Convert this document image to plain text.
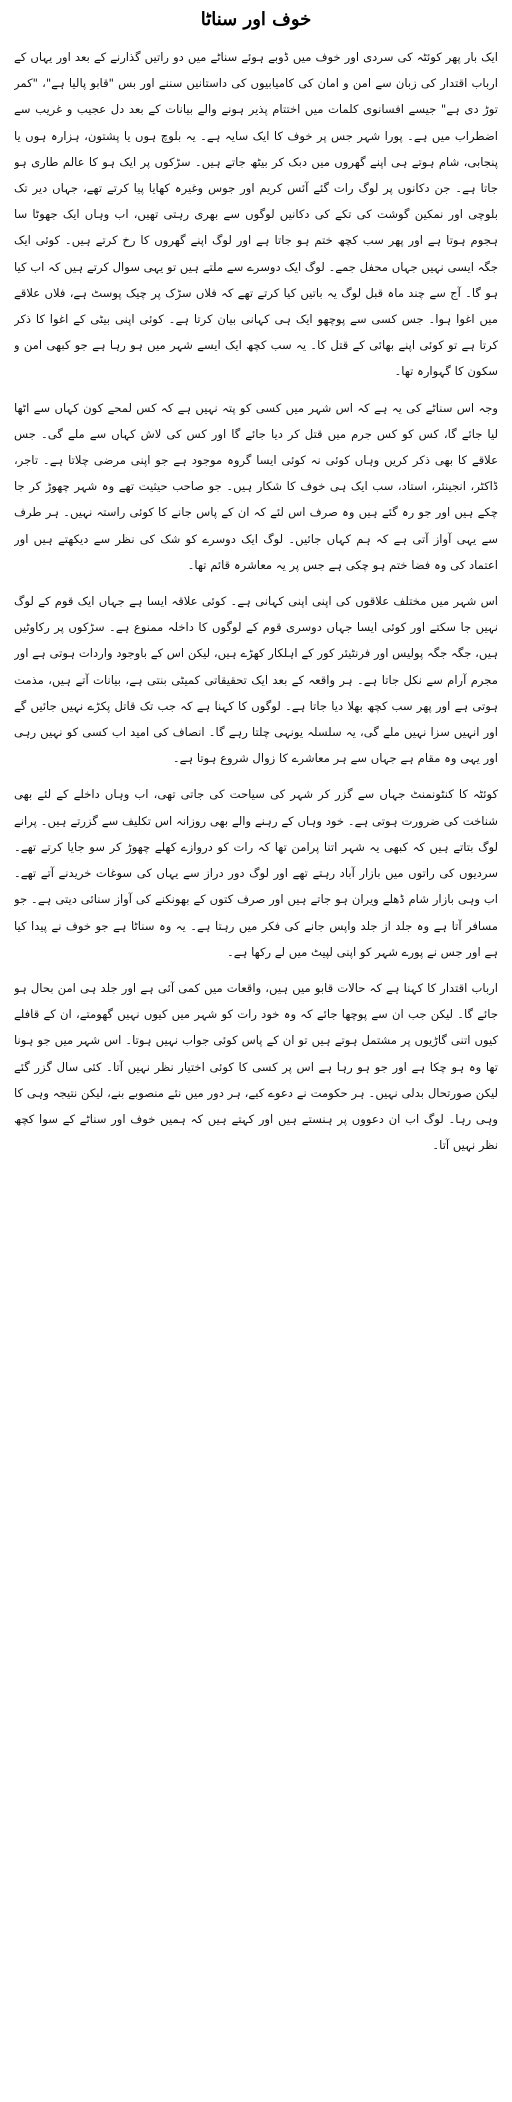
خوف اور سناٹا

ایک بار پھر کوئٹہ کی سردی اور خوف میں ڈوبے ہوئے سناٹے میں دو راتیں گذارنے کے بعد اور یہاں کے ارباب اقتدار کی زبان سے امن و امان کی کامیابیوں کی داستانیں سننے اور بس "قابو پالیا ہے"، "کمر توڑ دی ہے" جیسے افسانوی کلمات میں اختتام پذیر ہونے والے بیانات کے بعد دل عجیب و غریب سے اضطراب میں ہے۔ پورا شہر جس پر خوف کا ایک سایہ ہے۔ یہ بلوچ ہوں یا پشتون، ہزارہ ہوں یا پنجابی، شام ہوتے ہی اپنے گھروں میں دبک کر بیٹھ جاتے ہیں۔ سڑکوں پر ایک ہو کا عالم طاری ہو جاتا ہے۔ جن دکانوں پر لوگ رات گئے آئس کریم اور جوس وغیرہ کھایا پیا کرتے تھے، جہاں دیر تک بلوچی اور نمکین گوشت کی تکے کی دکانیں لوگوں سے بھری رہتی تھیں، اب وہاں ایک جھوٹا سا ہجوم ہوتا ہے اور پھر سب کچھ ختم ہو جاتا ہے اور لوگ اپنے گھروں کا رخ کرتے ہیں۔ کوئی ایک جگہ ایسی نہیں جہاں محفل جمے۔ لوگ ایک دوسرے سے ملتے ہیں تو یہی سوال کرتے ہیں کہ اب کیا ہو گا۔ آج سے چند ماہ قبل لوگ یہ باتیں کیا کرتے تھے کہ فلاں سڑک پر چیک پوسٹ ہے، فلاں علاقے میں اغوا ہوا۔ جس کسی سے پوچھو ایک ہی کہانی بیان کرتا ہے۔ کوئی اپنی بیٹی کے اغوا کا ذکر کرتا ہے تو کوئی اپنے بھائی کے قتل کا۔ یہ سب کچھ ایک ایسے شہر میں ہو رہا ہے جو کبھی امن و سکون کا گہوارہ تھا۔

وجہ اس سناٹے کی یہ ہے کہ اس شہر میں کسی کو پتہ نہیں ہے کہ کس لمحے کون کہاں سے اٹھا لیا جائے گا، کس کو کس جرم میں قتل کر دیا جائے گا اور کس کی لاش کہاں سے ملے گی۔ جس علاقے کا بھی ذکر کریں وہاں کوئی نہ کوئی ایسا گروہ موجود ہے جو اپنی مرضی چلاتا ہے۔ تاجر، ڈاکٹر، انجینئر، استاد، سب ایک ہی خوف کا شکار ہیں۔ جو صاحب حیثیت تھے وہ شہر چھوڑ کر جا چکے ہیں اور جو رہ گئے ہیں وہ صرف اس لئے کہ ان کے پاس جانے کا کوئی راستہ نہیں۔ ہر طرف سے یہی آواز آتی ہے کہ ہم کہاں جائیں۔ لوگ ایک دوسرے کو شک کی نظر سے دیکھتے ہیں اور اعتماد کی وہ فضا ختم ہو چکی ہے جس پر یہ معاشرہ قائم تھا۔

اس شہر میں مختلف علاقوں کی اپنی اپنی کہانی ہے۔ کوئی علاقہ ایسا ہے جہاں ایک قوم کے لوگ نہیں جا سکتے اور کوئی ایسا جہاں دوسری قوم کے لوگوں کا داخلہ ممنوع ہے۔ سڑکوں پر رکاوٹیں ہیں، جگہ جگہ پولیس اور فرنٹیئر کور کے اہلکار کھڑے ہیں، لیکن اس کے باوجود واردات ہوتی ہے اور مجرم آرام سے نکل جاتا ہے۔ ہر واقعہ کے بعد ایک تحقیقاتی کمیٹی بنتی ہے، بیانات آتے ہیں، مذمت ہوتی ہے اور پھر سب کچھ بھلا دیا جاتا ہے۔ لوگوں کا کہنا ہے کہ جب تک قاتل پکڑے نہیں جائیں گے اور انہیں سزا نہیں ملے گی، یہ سلسلہ یونہی چلتا رہے گا۔ انصاف کی امید اب کسی کو نہیں رہی اور یہی وہ مقام ہے جہاں سے ہر معاشرے کا زوال شروع ہوتا ہے۔

کوئٹہ کا کنٹونمنٹ جہاں سے گزر کر شہر کی سیاحت کی جاتی تھی، اب وہاں داخلے کے لئے بھی شناخت کی ضرورت ہوتی ہے۔ خود وہاں کے رہنے والے بھی روزانہ اس تکلیف سے گزرتے ہیں۔ پرانے لوگ بتاتے ہیں کہ کبھی یہ شہر اتنا پرامن تھا کہ رات کو دروازے کھلے چھوڑ کر سو جایا کرتے تھے۔ سردیوں کی راتوں میں بازار آباد رہتے تھے اور لوگ دور دراز سے یہاں کی سوغات خریدنے آتے تھے۔ اب وہی بازار شام ڈھلے ویران ہو جاتے ہیں اور صرف کتوں کے بھونکنے کی آواز سنائی دیتی ہے۔ جو مسافر آتا ہے وہ جلد از جلد واپس جانے کی فکر میں رہتا ہے۔ یہ وہ سناٹا ہے جو خوف نے پیدا کیا ہے اور جس نے پورے شہر کو اپنی لپیٹ میں لے رکھا ہے۔

ارباب اقتدار کا کہنا ہے کہ حالات قابو میں ہیں، واقعات میں کمی آئی ہے اور جلد ہی امن بحال ہو جائے گا۔ لیکن جب ان سے پوچھا جائے کہ وہ خود رات کو شہر میں کیوں نہیں گھومتے، ان کے قافلے کیوں اتنی گاڑیوں پر مشتمل ہوتے ہیں تو ان کے پاس کوئی جواب نہیں ہوتا۔ اس شہر میں جو ہونا تھا وہ ہو چکا ہے اور جو ہو رہا ہے اس پر کسی کا کوئی اختیار نظر نہیں آتا۔ کئی سال گزر گئے لیکن صورتحال بدلی نہیں۔ ہر حکومت نے دعوے کیے، ہر دور میں نئے منصوبے بنے، لیکن نتیجہ وہی کا وہی رہا۔ لوگ اب ان دعووں پر ہنستے ہیں اور کہتے ہیں کہ ہمیں خوف اور سناٹے کے سوا کچھ نظر نہیں آتا۔
